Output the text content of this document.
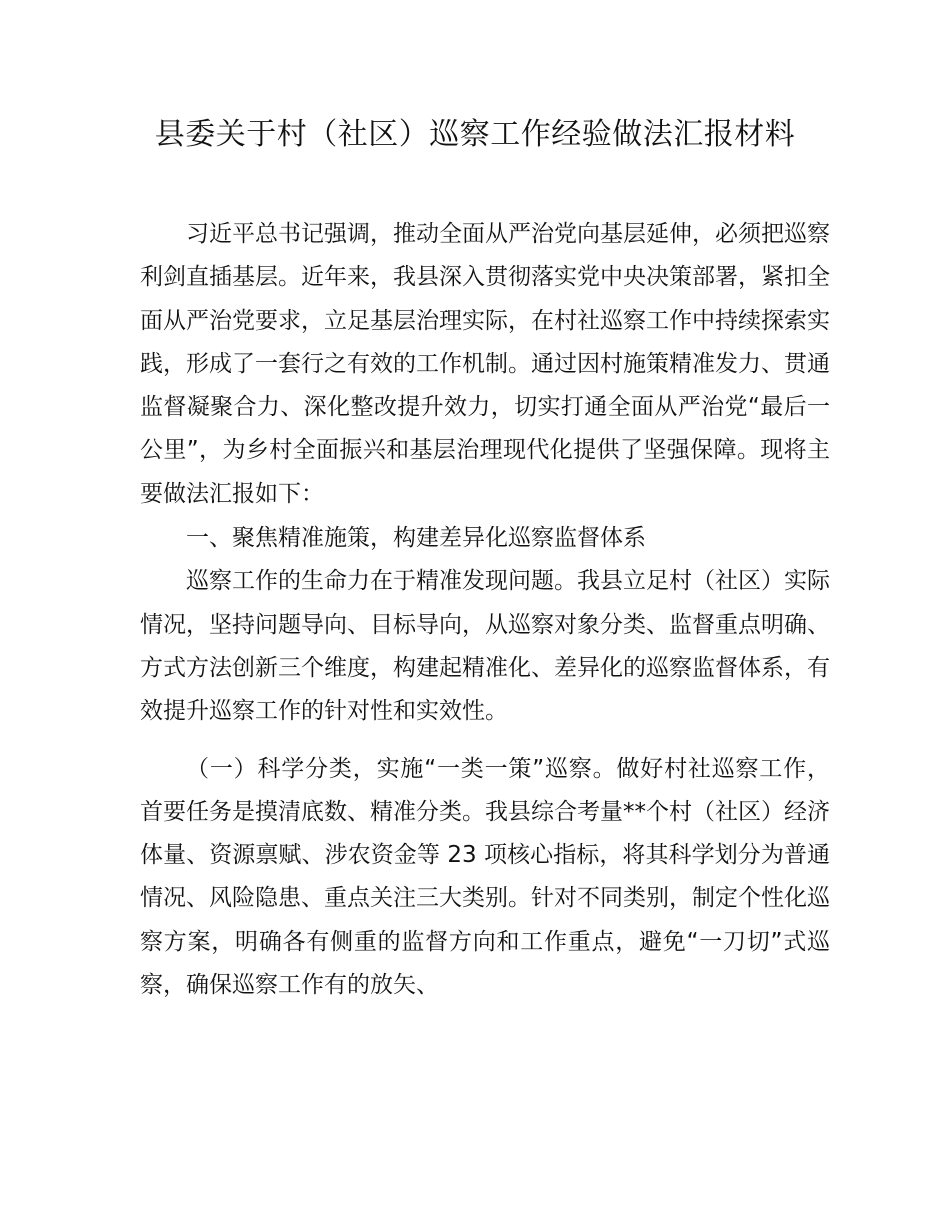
县委关于村（社区）巡察工作经验做法汇报材料

习近平总书记强调，推动全面从严治党向基层延伸，必须把巡察利剑直插基层。近年来，我县深入贯彻落实党中央决策部署，紧扣全面从严治党要求，立足基层治理实际，在村社巡察工作中持续探索实践，形成了一套行之有效的工作机制。通过因村施策精准发力、贯通监督凝聚合力、深化整改提升效力，切实打通全面从严治党“最后一公里”，为乡村全面振兴和基层治理现代化提供了坚强保障。现将主要做法汇报如下：

一、聚焦精准施策，构建差异化巡察监督体系

巡察工作的生命力在于精准发现问题。我县立足村（社区）实际情况，坚持问题导向、目标导向，从巡察对象分类、监督重点明确、方式方法创新三个维度，构建起精准化、差异化的巡察监督体系，有效提升巡察工作的针对性和实效性。

（一）科学分类，实施“一类一策”巡察。做好村社巡察工作，首要任务是摸清底数、精准分类。我县综合考量**个村（社区）经济体量、资源禀赋、涉农资金等 23 项核心指标，将其科学划分为普通情况、风险隐患、重点关注三大类别。针对不同类别，制定个性化巡察方案，明确各有侧重的监督方向和工作重点，避免“一刀切”式巡察，确保巡察工作有的放矢、
